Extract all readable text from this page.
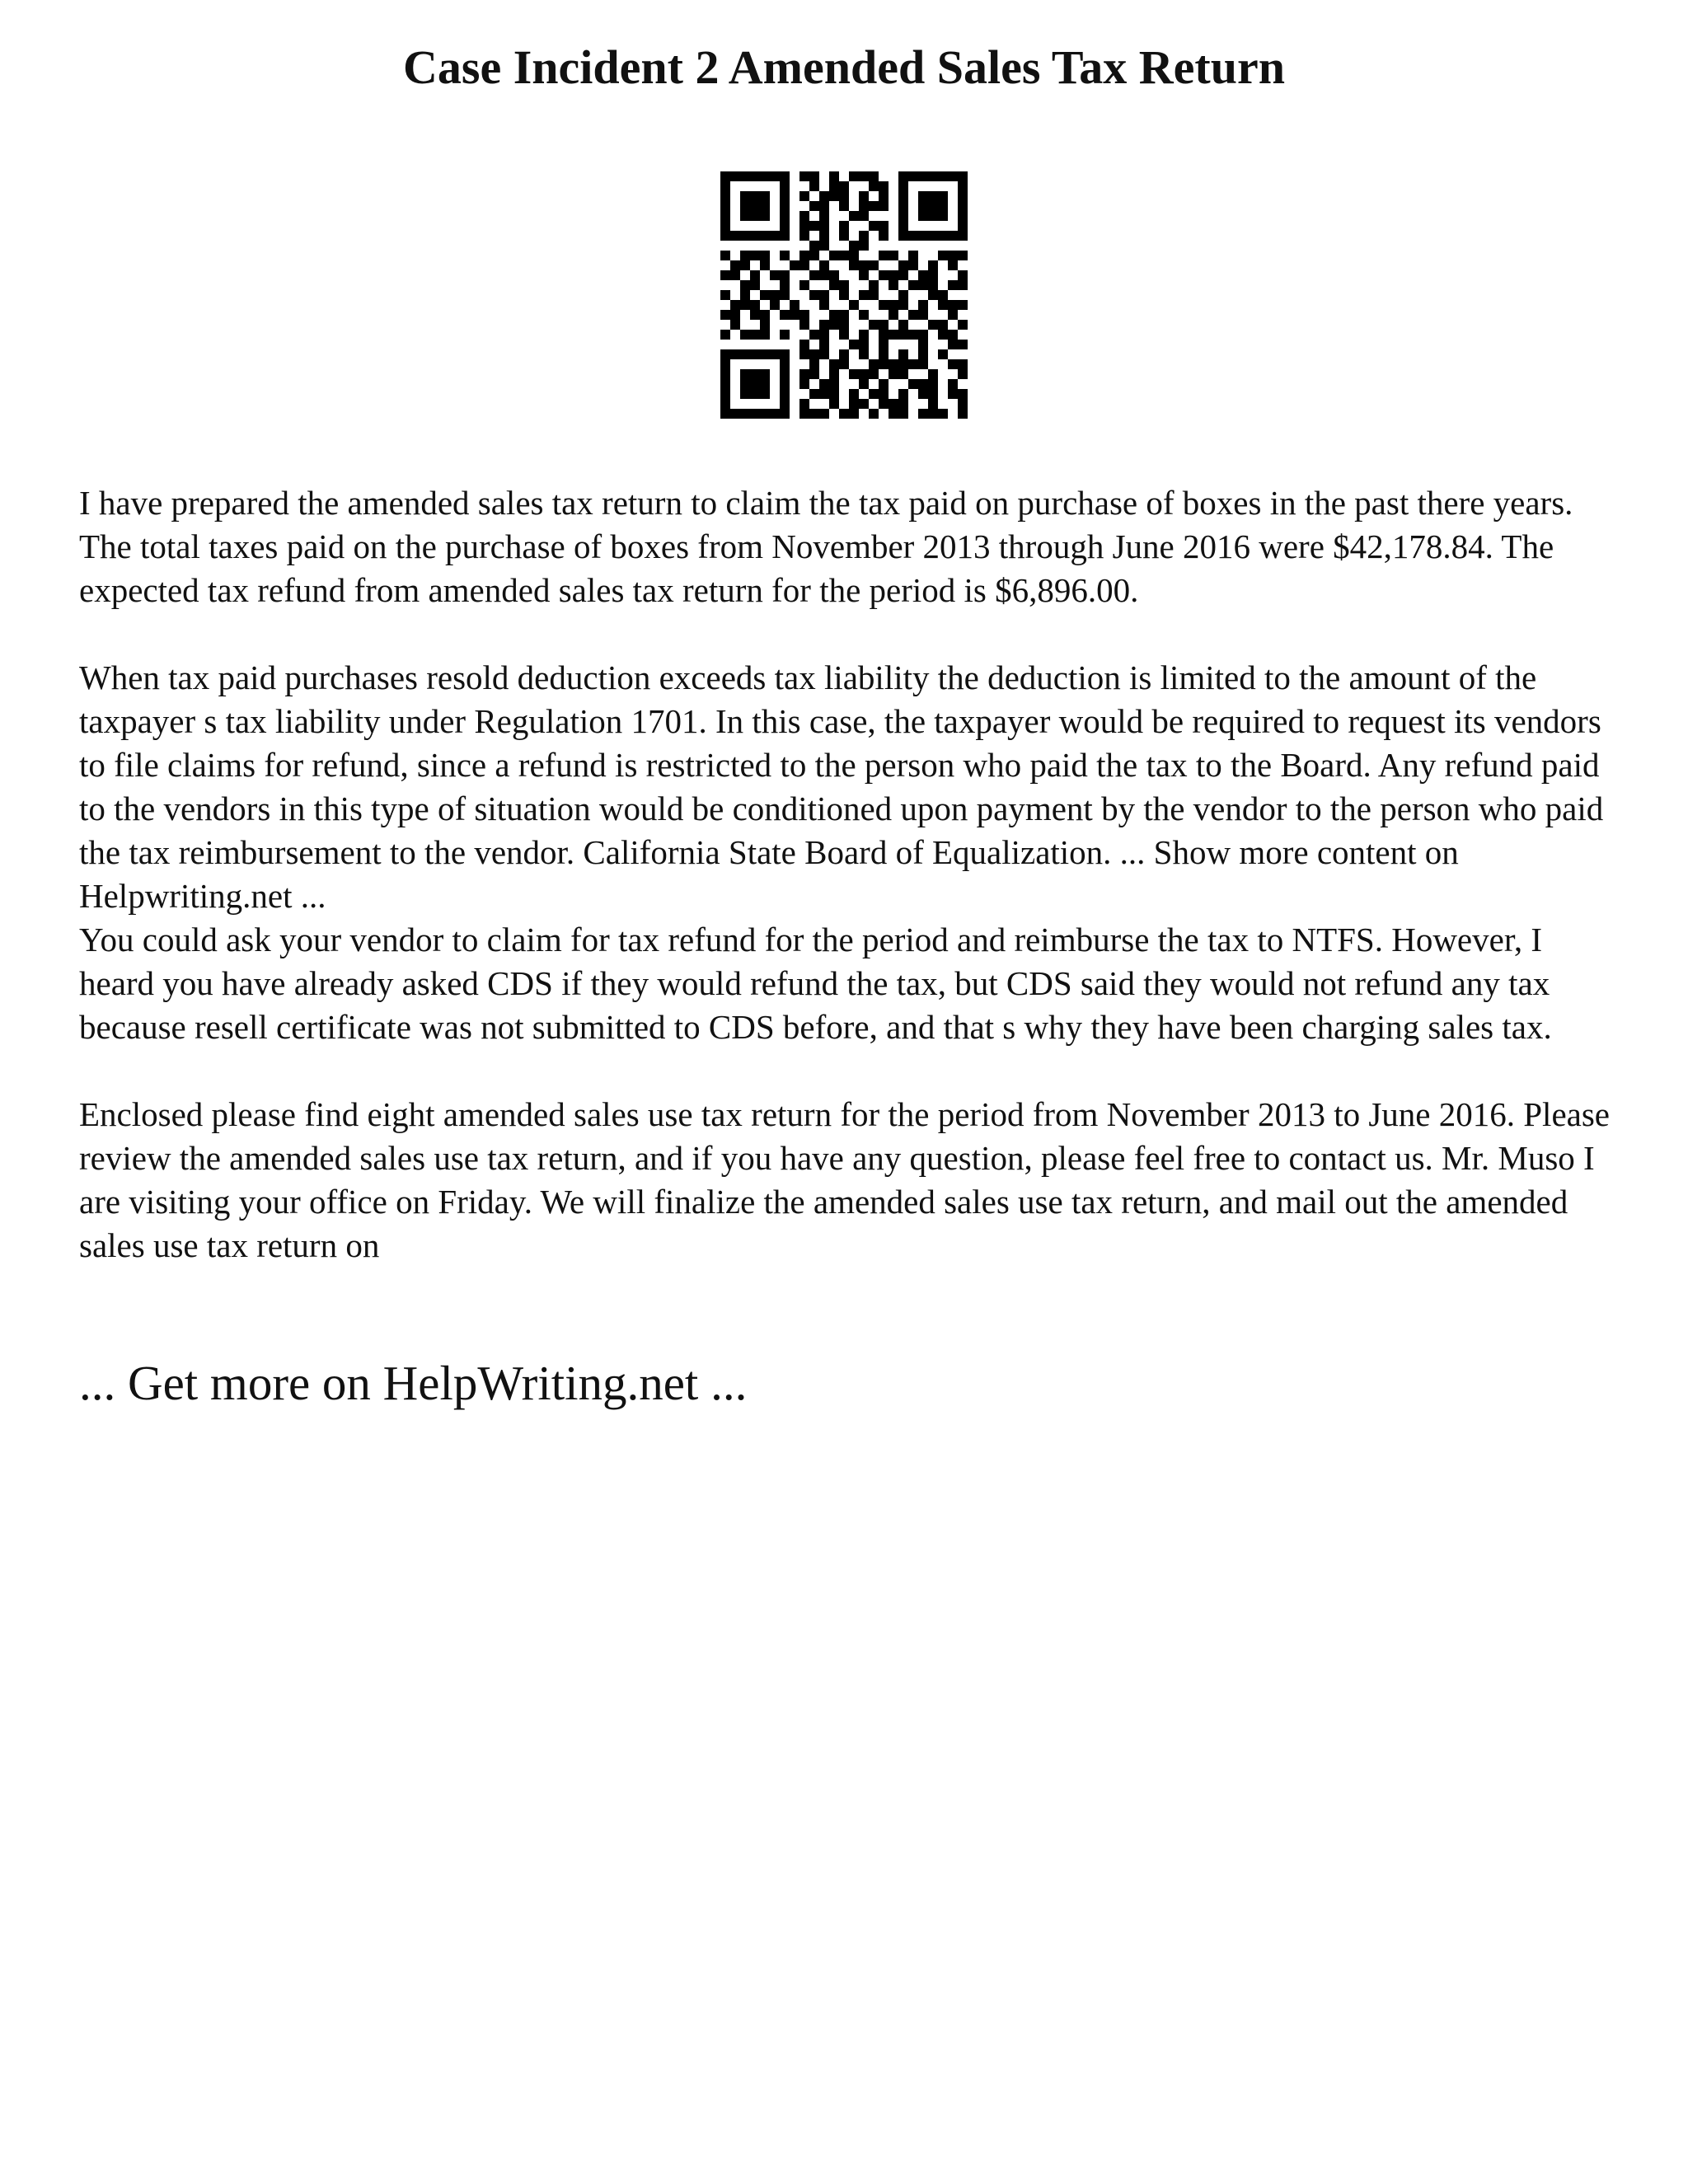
Case Incident 2 Amended Sales Tax Return

I have prepared the amended sales tax return to claim the tax paid on purchase of boxes in the past there years. The total taxes paid on the purchase of boxes from November 2013 through June 2016 were $42,178.84. The expected tax refund from amended sales tax return for the period is $6,896.00.

When tax paid purchases resold deduction exceeds tax liability the deduction is limited to the amount of the taxpayer s tax liability under Regulation 1701. In this case, the taxpayer would be required to request its vendors to file claims for refund, since a refund is restricted to the person who paid the tax to the Board. Any refund paid to the vendors in this type of situation would be conditioned upon payment by the vendor to the person who paid the tax reimbursement to the vendor. California State Board of Equalization. ... Show more content on Helpwriting.net ...

You could ask your vendor to claim for tax refund for the period and reimburse the tax to NTFS. However, I heard you have already asked CDS if they would refund the tax, but CDS said they would not refund any tax because resell certificate was not submitted to CDS before, and that s why they have been charging sales tax.

Enclosed please find eight amended sales use tax return for the period from November 2013 to June 2016. Please review the amended sales use tax return, and if you have any question, please feel free to contact us. Mr. Muso I are visiting your office on Friday. We will finalize the amended sales use tax return, and mail out the amended sales use tax return on

... Get more on HelpWriting.net ...
